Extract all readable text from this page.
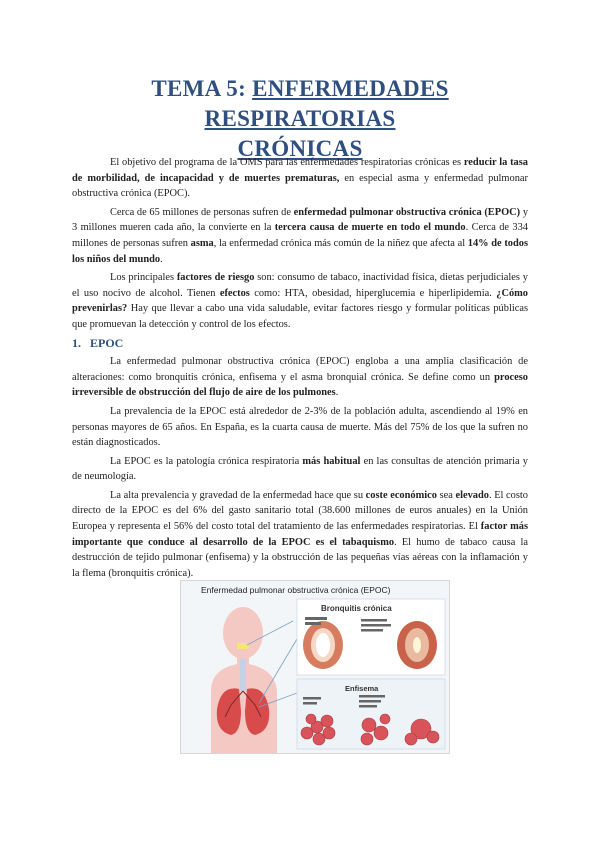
TEMA 5: ENFERMEDADES RESPIRATORIAS
CRÓNICAS

El objetivo del programa de la OMS para las enfermedades respiratorias crónicas es reducir la tasa de morbilidad, de incapacidad y de muertes prematuras, en especial asma y enfermedad pulmonar obstructiva crónica (EPOC).

Cerca de 65 millones de personas sufren de enfermedad pulmonar obstructiva crónica (EPOC) y 3 millones mueren cada año, la convierte en la tercera causa de muerte en todo el mundo. Cerca de 334 millones de personas sufren asma, la enfermedad crónica más común de la niñez que afecta al 14% de todos los niños del mundo.

Los principales factores de riesgo son: consumo de tabaco, inactividad física, dietas perjudiciales y el uso nocivo de alcohol. Tienen efectos como: HTA, obesidad, hiperglucemia e hiperlipidemia. ¿Cómo prevenirlas? Hay que llevar a cabo una vida saludable, evitar factores riesgo y formular políticas públicas que promuevan la detección y control de los efectos.

1. EPOC

La enfermedad pulmonar obstructiva crónica (EPOC) engloba a una amplia clasificación de alteraciones: como bronquitis crónica, enfisema y el asma bronquial crónica. Se define como un proceso irreversible de obstrucción del flujo de aire de los pulmones.

La prevalencia de la EPOC está alrededor de 2-3% de la población adulta, ascendiendo al 19% en personas mayores de 65 años. En España, es la cuarta causa de muerte. Más del 75% de los que la sufren no están diagnosticados.

La EPOC es la patología crónica respiratoria más habitual en las consultas de atención primaria y de neumología.

La alta prevalencia y gravedad de la enfermedad hace que su coste económico sea elevado. El costo directo de la EPOC es del 6% del gasto sanitario total (38.600 millones de euros anuales) en la Unión Europea y representa el 56% del costo total del tratamiento de las enfermedades respiratorias. El factor más importante que conduce al desarrollo de la EPOC es el tabaquismo. El humo de tabaco causa la destrucción de tejido pulmonar (enfisema) y la obstrucción de las pequeñas vías aéreas con la inflamación y la flema (bronquitis crónica).

Enfermedad pulmonar obstructiva crónica (EPOC)
Bronquitis crónica
Enfisema
